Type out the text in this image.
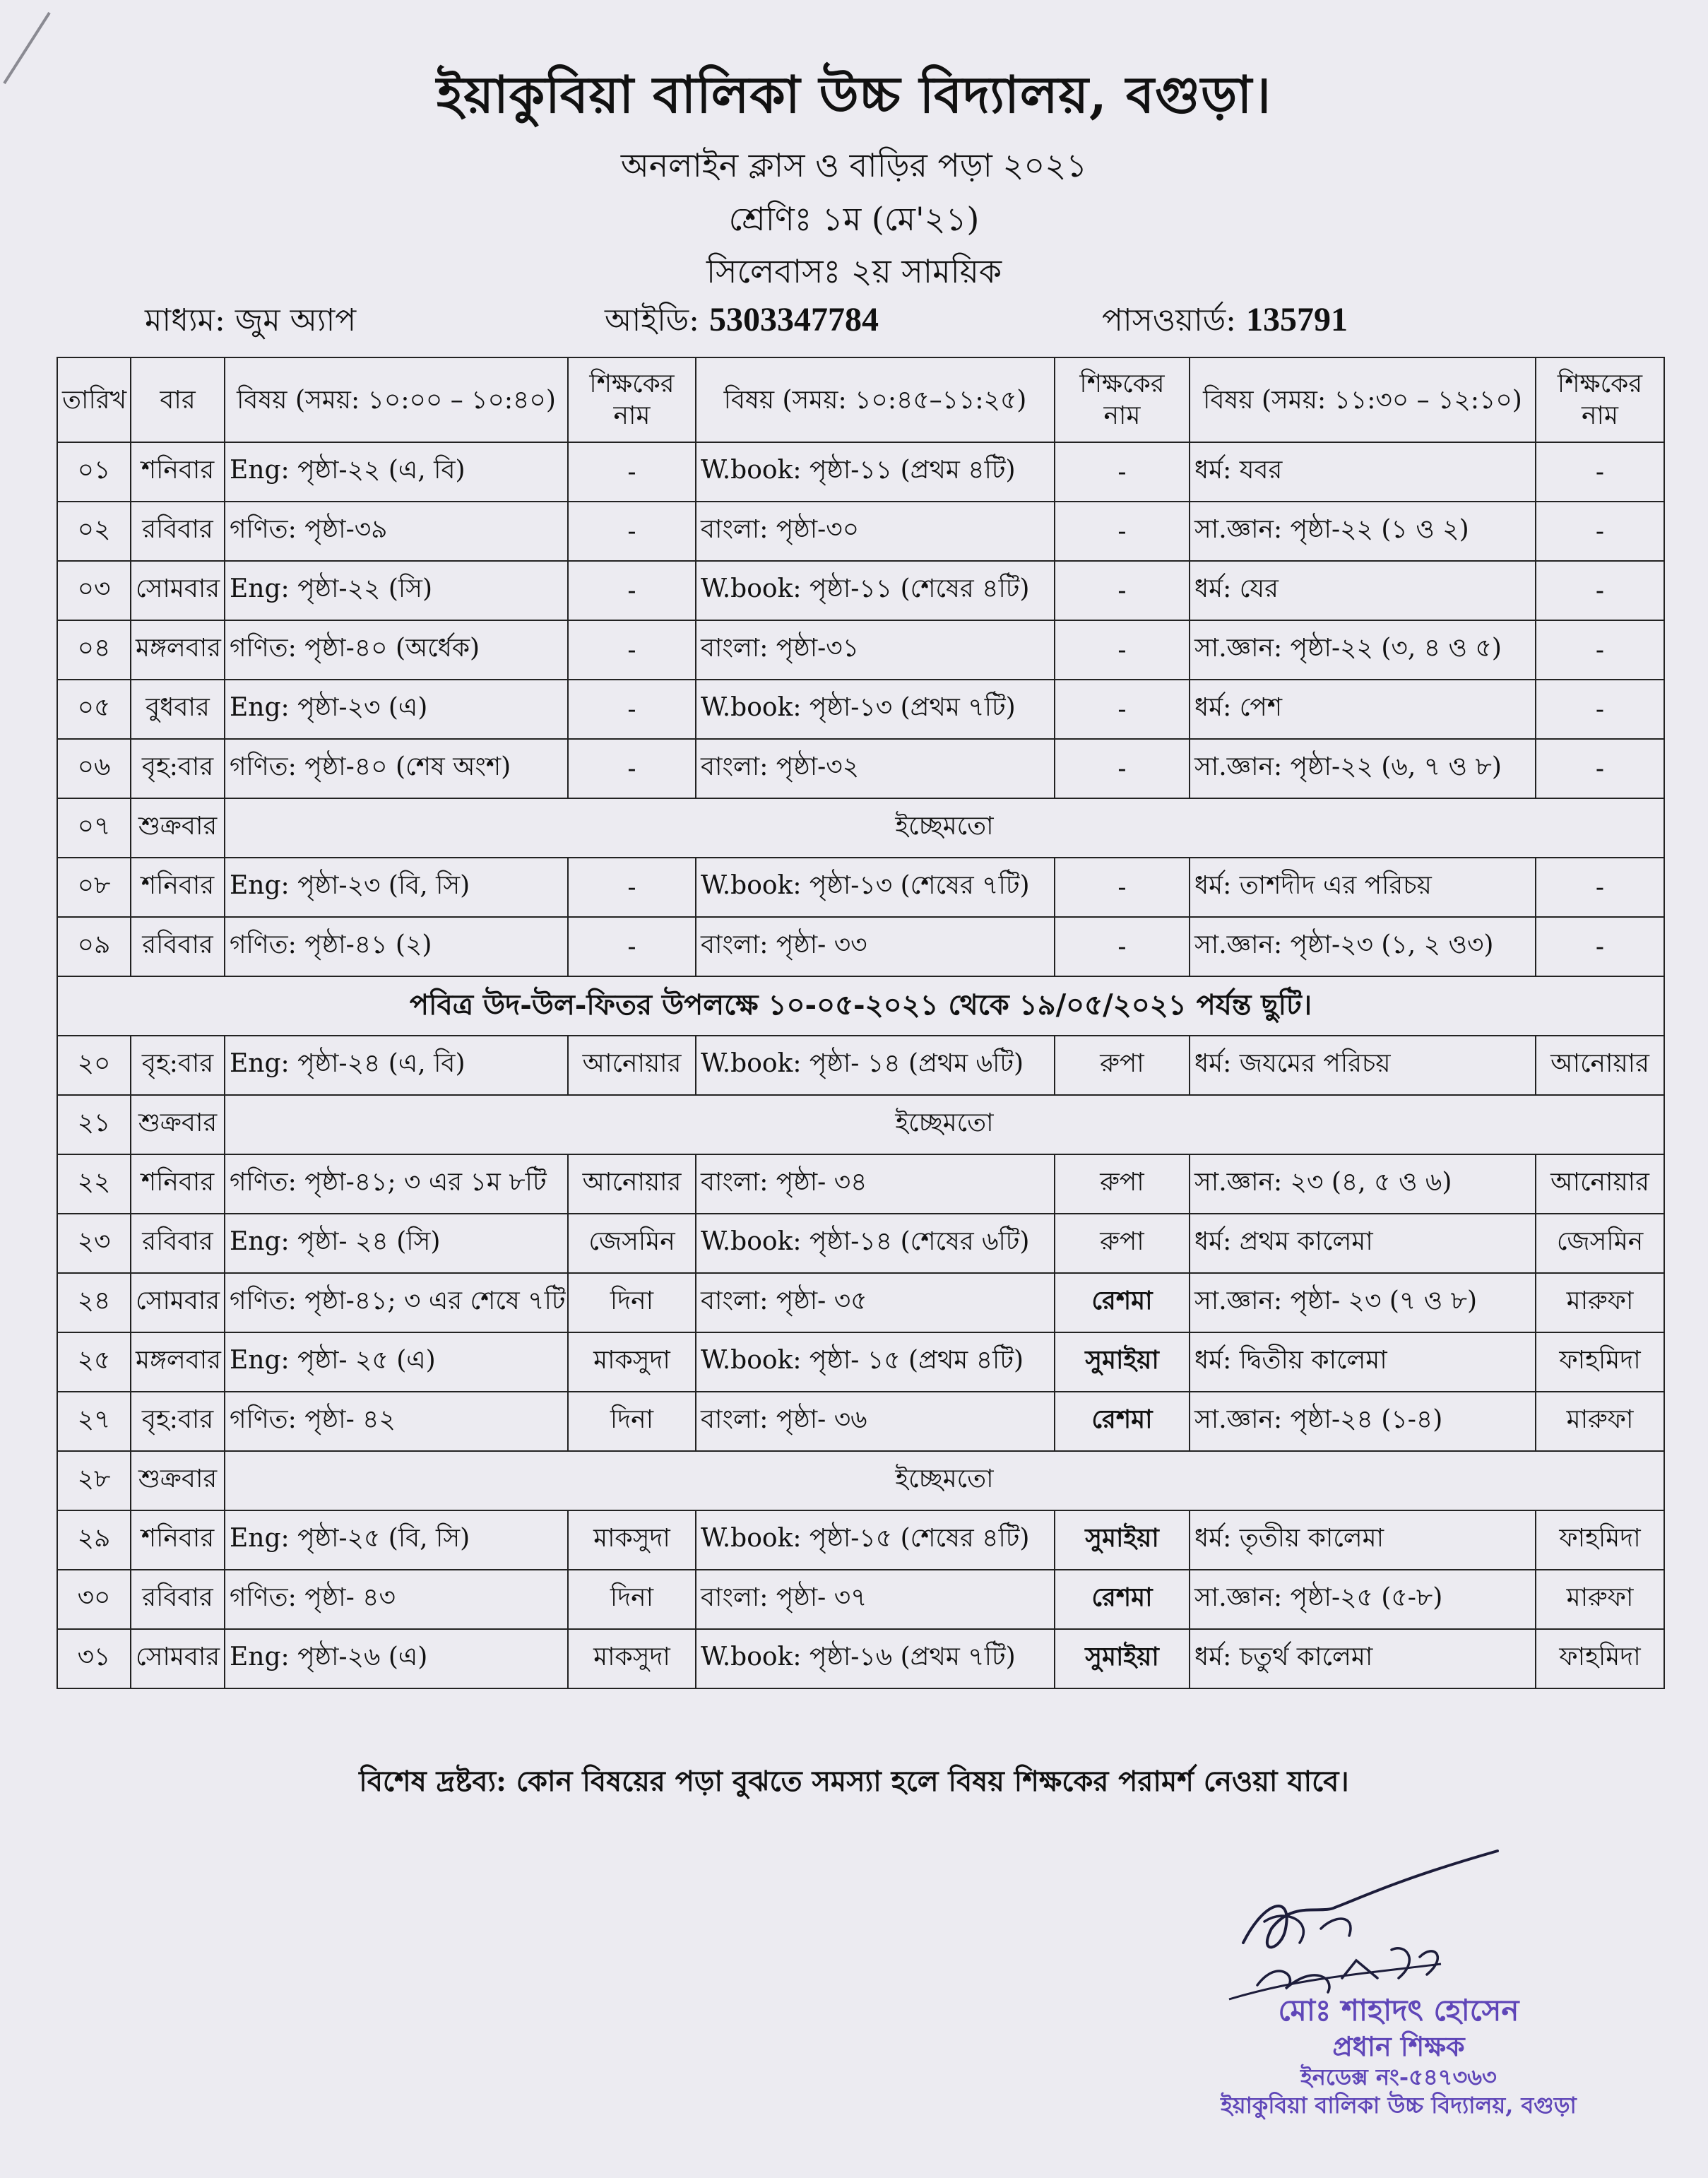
ইয়াকুবিয়া বালিকা উচ্চ বিদ্যালয়, বগুড়া।
অনলাইন ক্লাস ও বাড়ির পড়া ২০২১
শ্রেণিঃ ১ম (মে'২১)
সিলেবাসঃ ২য় সাময়িক
মাধ্যম: জুম অ্যাপ	আইডি: 5303347784	পাসওয়ার্ড: 135791
তারিখ	বার	বিষয় (সময়: ১০:০০ – ১০:৪০)	শিক্ষকের নাম	বিষয় (সময়: ১০:৪৫–১১:২৫)	শিক্ষকের নাম	বিষয় (সময়: ১১:৩০ – ১২:১০)	শিক্ষকের নাম
০১	শনিবার	Eng: পৃষ্ঠা-২২ (এ, বি)	-	W.book: পৃষ্ঠা-১১ (প্রথম ৪টি)	-	ধর্ম: যবর	-
০২	রবিবার	গণিত: পৃষ্ঠা-৩৯	-	বাংলা: পৃষ্ঠা-৩০	-	সা.জ্ঞান: পৃষ্ঠা-২২ (১ ও ২)	-
০৩	সোমবার	Eng: পৃষ্ঠা-২২ (সি)	-	W.book: পৃষ্ঠা-১১ (শেষের ৪টি)	-	ধর্ম: যের	-
০৪	মঙ্গলবার	গণিত: পৃষ্ঠা-৪০ (অর্ধেক)	-	বাংলা: পৃষ্ঠা-৩১	-	সা.জ্ঞান: পৃষ্ঠা-২২ (৩, ৪ ও ৫)	-
০৫	বুধবার	Eng: পৃষ্ঠা-২৩ (এ)	-	W.book: পৃষ্ঠা-১৩ (প্রথম ৭টি)	-	ধর্ম: পেশ	-
০৬	বৃহ:বার	গণিত: পৃষ্ঠা-৪০ (শেষ অংশ)	-	বাংলা: পৃষ্ঠা-৩২	-	সা.জ্ঞান: পৃষ্ঠা-২২ (৬, ৭ ও ৮)	-
০৭	শুক্রবার	ইচ্ছেমতো					
০৮	শনিবার	Eng: পৃষ্ঠা-২৩ (বি, সি)	-	W.book: পৃষ্ঠা-১৩ (শেষের ৭টি)	-	ধর্ম: তাশদীদ এর পরিচয়	-
০৯	রবিবার	গণিত: পৃষ্ঠা-৪১ (২)	-	বাংলা: পৃষ্ঠা- ৩৩	-	সা.জ্ঞান: পৃষ্ঠা-২৩ (১, ২ ও৩)	-
পবিত্র উদ-উল-ফিতর উপলক্ষে ১০-০৫-২০২১ থেকে ১৯/০৫/২০২১ পর্যন্ত ছুটি।							
২০	বৃহ:বার	Eng: পৃষ্ঠা-২৪ (এ, বি)	আনোয়ার	W.book: পৃষ্ঠা- ১৪ (প্রথম ৬টি)	রুপা	ধর্ম: জযমের পরিচয়	আনোয়ার
২১	শুক্রবার	ইচ্ছেমতো					
২২	শনিবার	গণিত: পৃষ্ঠা-৪১; ৩ এর ১ম ৮টি	আনোয়ার	বাংলা: পৃষ্ঠা- ৩৪	রুপা	সা.জ্ঞান: ২৩ (৪, ৫ ও ৬)	আনোয়ার
২৩	রবিবার	Eng: পৃষ্ঠা- ২৪ (সি)	জেসমিন	W.book: পৃষ্ঠা-১৪ (শেষের ৬টি)	রুপা	ধর্ম: প্রথম কালেমা	জেসমিন
২৪	সোমবার	গণিত: পৃষ্ঠা-৪১; ৩ এর শেষে ৭টি	দিনা	বাংলা: পৃষ্ঠা- ৩৫	রেশমা	সা.জ্ঞান: পৃষ্ঠা- ২৩ (৭ ও ৮)	মারুফা
২৫	মঙ্গলবার	Eng: পৃষ্ঠা- ২৫ (এ)	মাকসুদা	W.book: পৃষ্ঠা- ১৫ (প্রথম ৪টি)	সুমাইয়া	ধর্ম: দ্বিতীয় কালেমা	ফাহমিদা
২৭	বৃহ:বার	গণিত: পৃষ্ঠা- ৪২	দিনা	বাংলা: পৃষ্ঠা- ৩৬	রেশমা	সা.জ্ঞান: পৃষ্ঠা-২৪ (১-৪)	মারুফা
২৮	শুক্রবার	ইচ্ছেমতো					
২৯	শনিবার	Eng: পৃষ্ঠা-২৫ (বি, সি)	মাকসুদা	W.book: পৃষ্ঠা-১৫ (শেষের ৪টি)	সুমাইয়া	ধর্ম: তৃতীয় কালেমা	ফাহমিদা
৩০	রবিবার	গণিত: পৃষ্ঠা- ৪৩	দিনা	বাংলা: পৃষ্ঠা- ৩৭	রেশমা	সা.জ্ঞান: পৃষ্ঠা-২৫ (৫-৮)	মারুফা
৩১	সোমবার	Eng: পৃষ্ঠা-২৬ (এ)	মাকসুদা	W.book: পৃষ্ঠা-১৬ (প্রথম ৭টি)	সুমাইয়া	ধর্ম: চতুর্থ কালেমা	ফাহমিদা
বিশেষ দ্রষ্টব্য: কোন বিষয়ের পড়া বুঝতে সমস্যা হলে বিষয় শিক্ষকের পরামর্শ নেওয়া যাবে।
মোঃ শাহাদৎ হোসেন
প্রধান শিক্ষক
ইনডেক্স নং-৫৪৭৩৬৩
ইয়াকুবিয়া বালিকা উচ্চ বিদ্যালয়, বগুড়া
